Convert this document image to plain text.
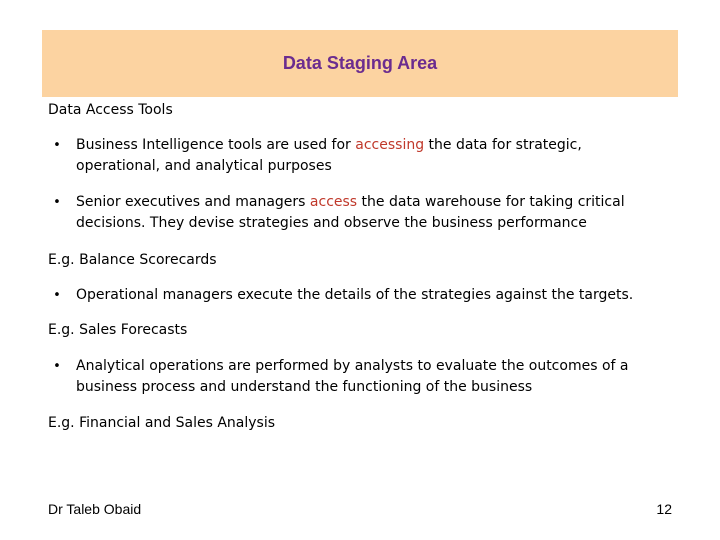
Data Staging Area
Data Access Tools
•	Business Intelligence tools are used for accessing the data for strategic, operational, and analytical purposes
•	Senior executives and managers access the data warehouse for taking critical decisions. They devise strategies and observe the business performance
E.g. Balance Scorecards
•	Operational managers execute the details of the strategies against the targets.
E.g. Sales Forecasts
•	Analytical operations are performed by analysts to evaluate the outcomes of a business process and understand the functioning of the business
E.g. Financial and Sales Analysis
Dr Taleb Obaid	12
